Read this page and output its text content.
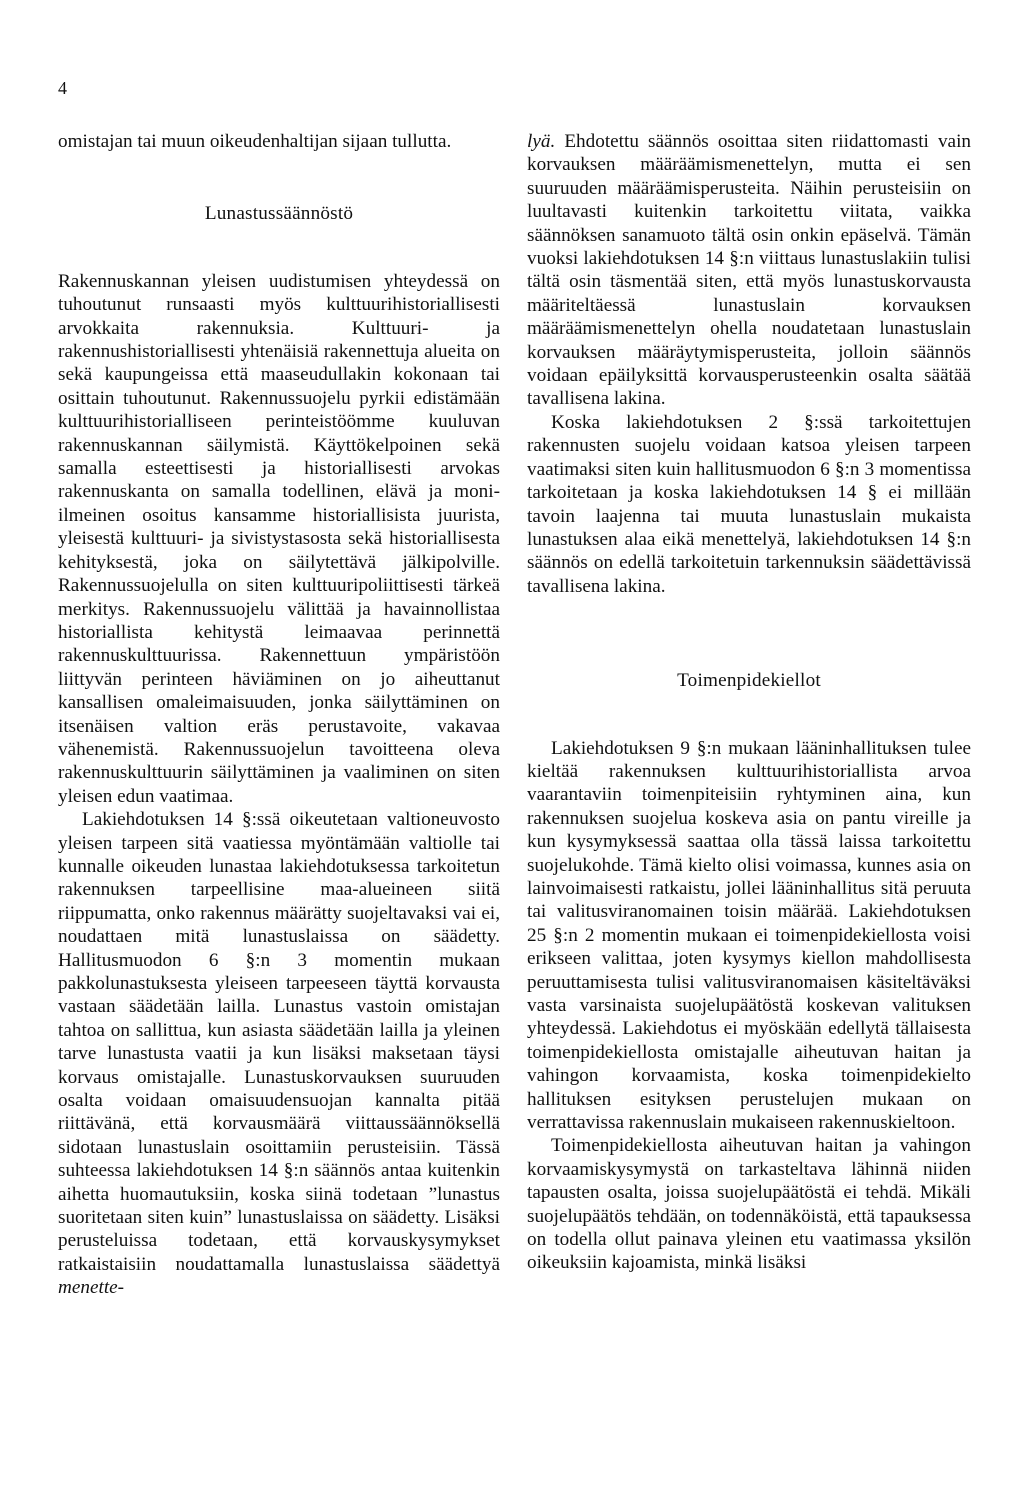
4

omistajan tai muun oikeudenhaltijan sijaan tullutta.

Lunastussäännöstö

Rakennuskannan yleisen uudistumisen yhteydessä on tuhoutunut runsaasti myös kulttuurihistoriallisesti arvokkaita rakennuksia. Kulttuuri- ja rakennushistoriallisesti yhtenäisiä rakennettuja alueita on sekä kaupungeissa että maaseudullakin kokonaan tai osittain tuhoutunut. Rakennussuojelu pyrkii edistämään kulttuurihistorialliseen perinteistöömme kuuluvan rakennuskannan säilymistä. Käyttökelpoinen sekä samalla esteettisesti ja historiallisesti arvokas rakennuskanta on samalla todellinen, elävä ja moni-ilmeinen osoitus kansamme historiallisista juurista, yleisestä kulttuuri- ja sivistystasosta sekä historiallisesta kehityksestä, joka on säilytettävä jälkipolville. Rakennussuojelulla on siten kulttuuripoliittisesti tärkeä merkitys. Rakennussuojelu välittää ja havainnollistaa historiallista kehitystä leimaavaa perinnettä rakennuskulttuurissa. Rakennettuun ympäristöön liittyvän perinteen häviäminen on jo aiheuttanut kansallisen omaleimaisuuden, jonka säilyttäminen on itsenäisen valtion eräs perustavoite, vakavaa vähenemistä. Rakennussuojelun tavoitteena oleva rakennuskulttuurin säilyttäminen ja vaaliminen on siten yleisen edun vaatimaa.

Lakiehdotuksen 14 §:ssä oikeutetaan valtioneuvosto yleisen tarpeen sitä vaatiessa myöntämään valtiolle tai kunnalle oikeuden lunastaa lakiehdotuksessa tarkoitetun rakennuksen tarpeellisine maa-alueineen siitä riippumatta, onko rakennus määrätty suojeltavaksi vai ei, noudattaen mitä lunastuslaissa on säädetty. Hallitusmuodon 6 §:n 3 momentin mukaan pakkolunastuksesta yleiseen tarpeeseen täyttä korvausta vastaan säädetään lailla. Lunastus vastoin omistajan tahtoa on sallittua, kun asiasta säädetään lailla ja yleinen tarve lunastusta vaatii ja kun lisäksi maksetaan täysi korvaus omistajalle. Lunastuskorvauksen suuruuden osalta voidaan omaisuudensuojan kannalta pitää riittävänä, että korvausmäärä viittaussäännöksellä sidotaan lunastuslain osoittamiin perusteisiin. Tässä suhteessa lakiehdotuksen 14 §:n säännös antaa kuitenkin aihetta huomautuksiin, koska siinä todetaan ”lunastus suoritetaan siten kuin” lunastuslaissa on säädetty. Lisäksi perusteluissa todetaan, että korvauskysymykset ratkaistaisiin noudattamalla lunastuslaissa säädettyä menette-

lyä. Ehdotettu säännös osoittaa siten riidattomasti vain korvauksen määräämismenettelyn, mutta ei sen suuruuden määräämisperusteita. Näihin perusteisiin on luultavasti kuitenkin tarkoitettu viitata, vaikka säännöksen sanamuoto tältä osin onkin epäselvä. Tämän vuoksi lakiehdotuksen 14 §:n viittaus lunastuslakiin tulisi tältä osin täsmentää siten, että myös lunastuskorvausta määriteltäessä lunastuslain korvauksen määräämismenettelyn ohella noudatetaan lunastuslain korvauksen määräytymisperusteita, jolloin säännös voidaan epäilyksittä korvausperusteenkin osalta säätää tavallisena lakina.

Koska lakiehdotuksen 2 §:ssä tarkoitettujen rakennusten suojelu voidaan katsoa yleisen tarpeen vaatimaksi siten kuin hallitusmuodon 6 §:n 3 momentissa tarkoitetaan ja koska lakiehdotuksen 14 § ei millään tavoin laajenna tai muuta lunastuslain mukaista lunastuksen alaa eikä menettelyä, lakiehdotuksen 14 §:n säännös on edellä tarkoitetuin tarkennuksin säädettävissä tavallisena lakina.

Toimenpidekiellot

Lakiehdotuksen 9 §:n mukaan lääninhallituksen tulee kieltää rakennuksen kulttuurihistoriallista arvoa vaarantaviin toimenpiteisiin ryhtyminen aina, kun rakennuksen suojelua koskeva asia on pantu vireille ja kun kysymyksessä saattaa olla tässä laissa tarkoitettu suojelukohde. Tämä kielto olisi voimassa, kunnes asia on lainvoimaisesti ratkaistu, jollei lääninhallitus sitä peruuta tai valitusviranomainen toisin määrää. Lakiehdotuksen 25 §:n 2 momentin mukaan ei toimenpidekiellosta voisi erikseen valittaa, joten kysymys kiellon mahdollisesta peruuttamisesta tulisi valitusviranomaisen käsiteltäväksi vasta varsinaista suojelupäätöstä koskevan valituksen yhteydessä. Lakiehdotus ei myöskään edellytä tällaisesta toimenpidekiellosta omistajalle aiheutuvan haitan ja vahingon korvaamista, koska toimenpidekielto hallituksen esityksen perustelujen mukaan on verrattavissa rakennuslain mukaiseen rakennuskieltoon.

Toimenpidekiellosta aiheutuvan haitan ja vahingon korvaamiskysymystä on tarkasteltava lähinnä niiden tapausten osalta, joissa suojelupäätöstä ei tehdä. Mikäli suojelupäätös tehdään, on todennäköistä, että tapauksessa on todella ollut painava yleinen etu vaatimassa yksilön oikeuksiin kajoamista, minkä lisäksi
